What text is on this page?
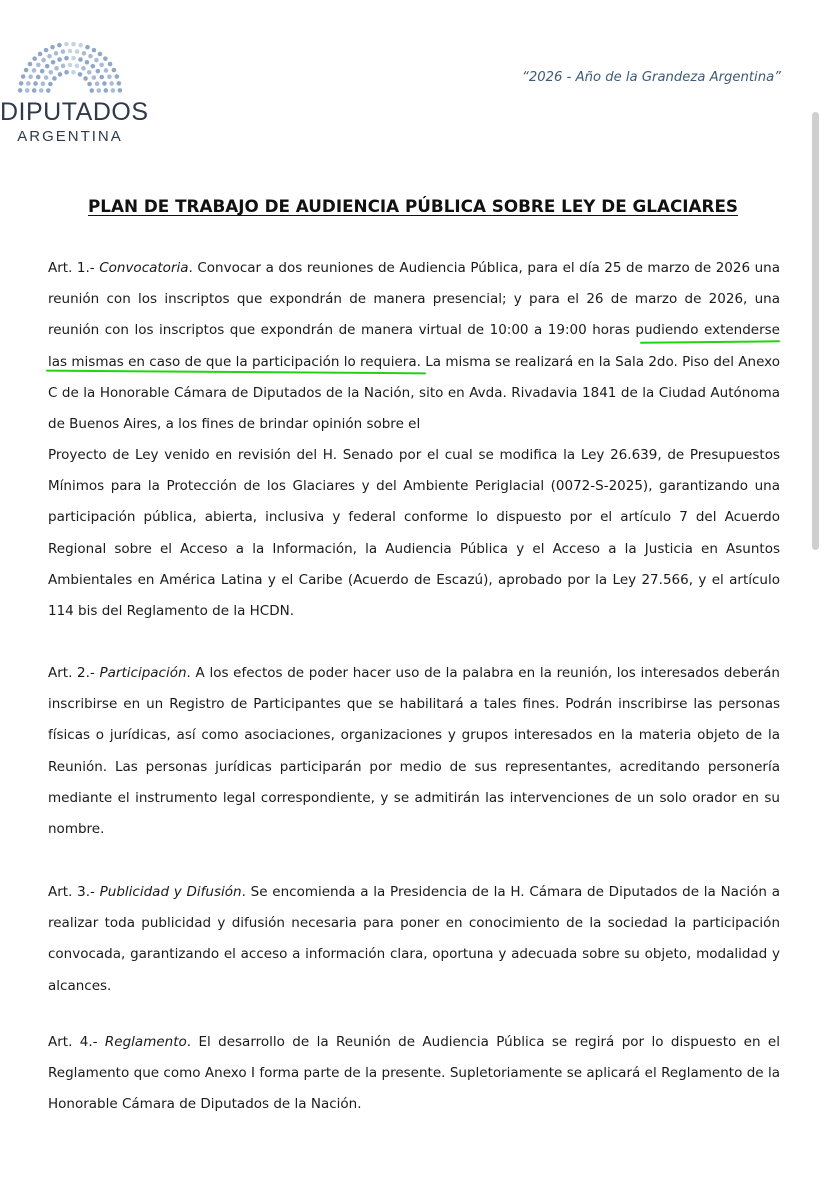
DIPUTADOS
ARGENTINA
“2026 - Año de la Grandeza Argentina”
PLAN DE TRABAJO DE AUDIENCIA PÚBLICA SOBRE LEY DE GLACIARES
Art. 1.- Convocatoria. Convocar a dos reuniones de Audiencia Pública, para el día 25 de marzo de 2026 una reunión con los inscriptos que expondrán de manera presencial; y para el 26 de marzo de 2026, una reunión con los inscriptos que expondrán de manera virtual de 10:00 a 19:00 horas pudiendo extenderse las mismas en caso de que la participación lo requiera. La misma se realizará en la Sala 2do. Piso del Anexo C de la Honorable Cámara de Diputados de la Nación, sito en Avda. Rivadavia 1841 de la Ciudad Autónoma de Buenos Aires, a los fines de brindar opinión sobre el
Proyecto de Ley venido en revisión del H. Senado por el cual se modifica la Ley 26.639, de Presupuestos Mínimos para la Protección de los Glaciares y del Ambiente Periglacial (0072-S-2025), garantizando una participación pública, abierta, inclusiva y federal conforme lo dispuesto por el artículo 7 del Acuerdo Regional sobre el Acceso a la Información, la Audiencia Pública y el Acceso a la Justicia en Asuntos Ambientales en América Latina y el Caribe (Acuerdo de Escazú), aprobado por la Ley 27.566, y el artículo 114 bis del Reglamento de la HCDN.
Art. 2.- Participación. A los efectos de poder hacer uso de la palabra en la reunión, los interesados deberán inscribirse en un Registro de Participantes que se habilitará a tales fines. Podrán inscribirse las personas físicas o jurídicas, así como asociaciones, organizaciones y grupos interesados en la materia objeto de la Reunión. Las personas jurídicas participarán por medio de sus representantes, acreditando personería mediante el instrumento legal correspondiente, y se admitirán las intervenciones de un solo orador en su nombre.
Art. 3.- Publicidad y Difusión. Se encomienda a la Presidencia de la H. Cámara de Diputados de la Nación a realizar toda publicidad y difusión necesaria para poner en conocimiento de la sociedad la participación convocada, garantizando el acceso a información clara, oportuna y adecuada sobre su objeto, modalidad y alcances.
Art. 4.- Reglamento. El desarrollo de la Reunión de Audiencia Pública se regirá por lo dispuesto en el Reglamento que como Anexo I forma parte de la presente. Supletoriamente se aplicará el Reglamento de la Honorable Cámara de Diputados de la Nación.
